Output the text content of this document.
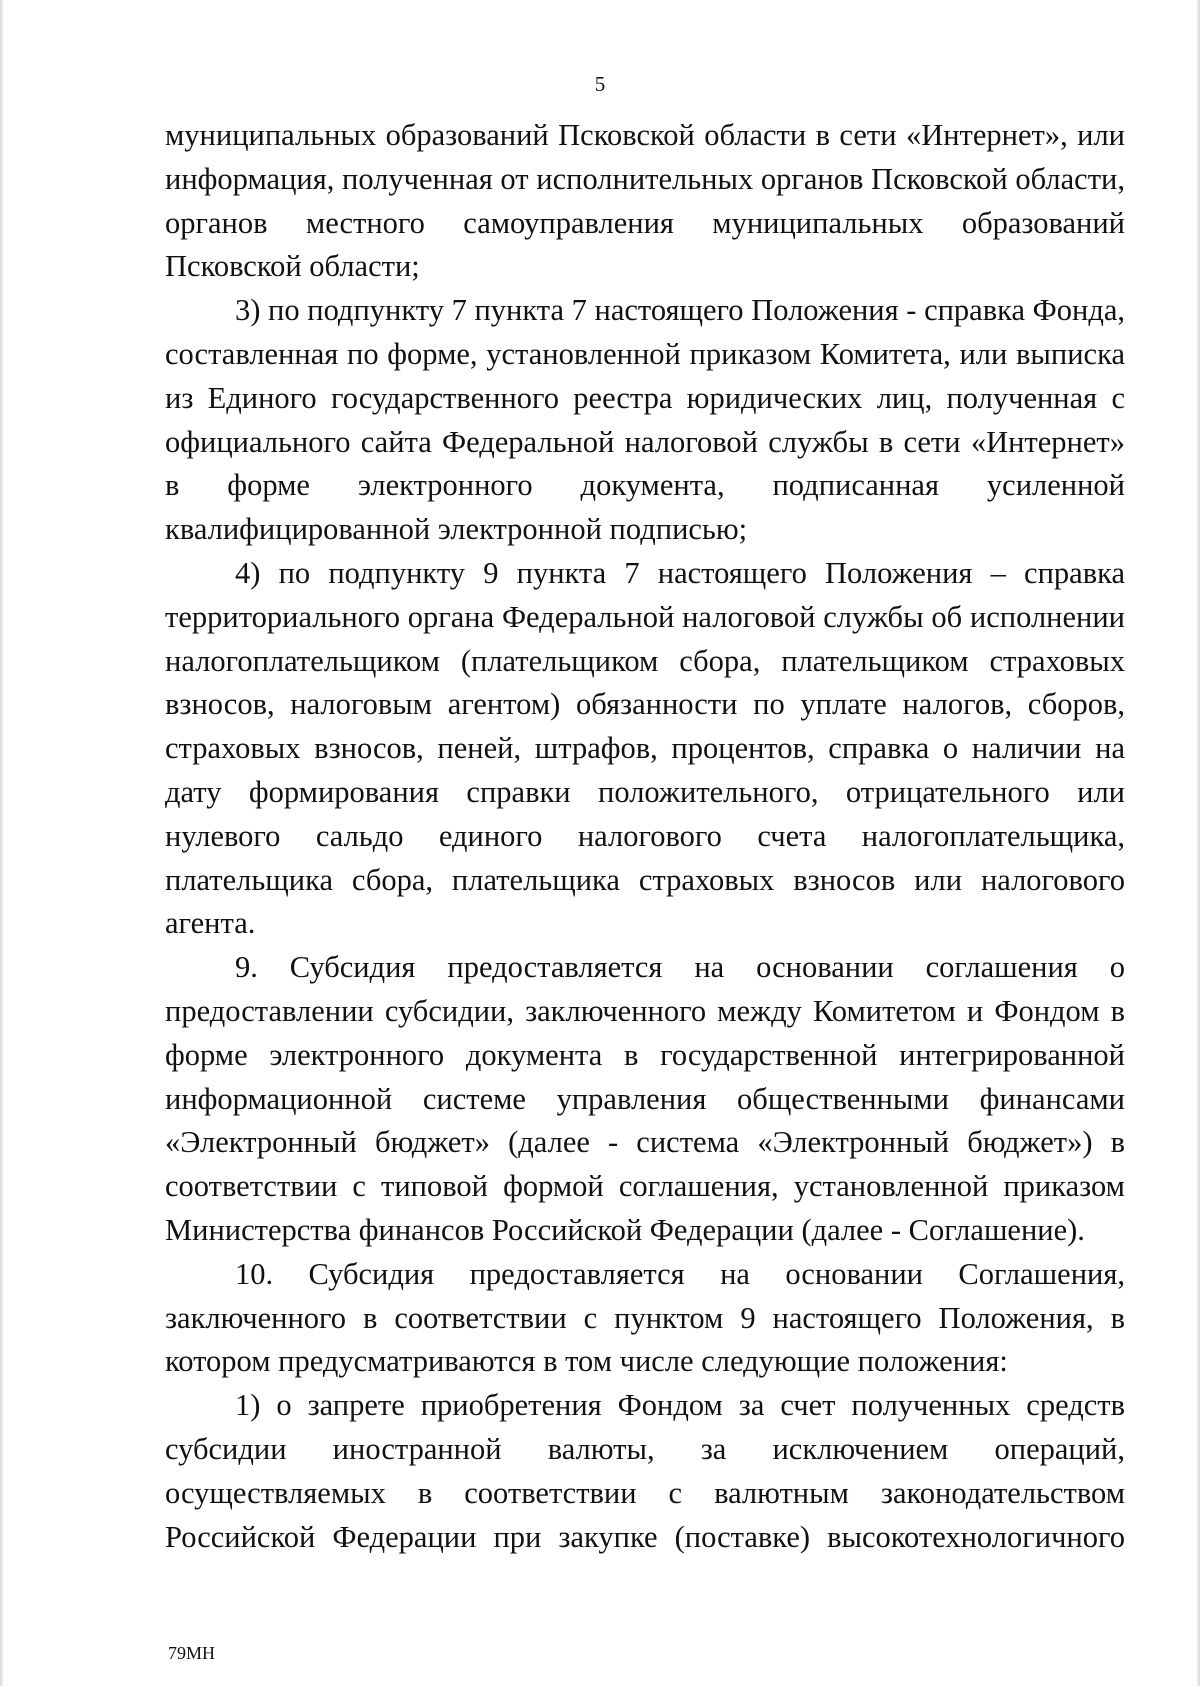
5

муниципальных образований Псковской области в сети «Интернет», или информация, полученная от исполнительных органов Псковской области, органов местного самоуправления муниципальных образований Псковской области;

3) по подпункту 7 пункта 7 настоящего Положения - справка Фонда, составленная по форме, установленной приказом Комитета, или выписка из Единого государственного реестра юридических лиц, полученная с официального сайта Федеральной налоговой службы в сети «Интернет» в форме электронного документа, подписанная усиленной квалифицированной электронной подписью;

4) по подпункту 9 пункта 7 настоящего Положения – справка территориального органа Федеральной налоговой службы об исполнении налогоплательщиком (плательщиком сбора, плательщиком страховых взносов, налоговым агентом) обязанности по уплате налогов, сборов, страховых взносов, пеней, штрафов, процентов, справка о наличии на дату формирования справки положительного, отрицательного или нулевого сальдо единого налогового счета налогоплательщика, плательщика сбора, плательщика страховых взносов или налогового агента.

9. Субсидия предоставляется на основании соглашения о предоставлении субсидии, заключенного между Комитетом и Фондом в форме электронного документа в государственной интегрированной информационной системе управления общественными финансами «Электронный бюджет» (далее - система «Электронный бюджет») в соответствии с типовой формой соглашения, установленной приказом Министерства финансов Российской Федерации (далее - Соглашение).

10. Субсидия предоставляется на основании Соглашения, заключенного в соответствии с пунктом 9 настоящего Положения, в котором предусматриваются в том числе следующие положения:

1) о запрете приобретения Фондом за счет полученных средств субсидии иностранной валюты, за исключением операций, осуществляемых в соответствии с валютным законодательством Российской Федерации при закупке (поставке) высокотехнологичного

79МН
